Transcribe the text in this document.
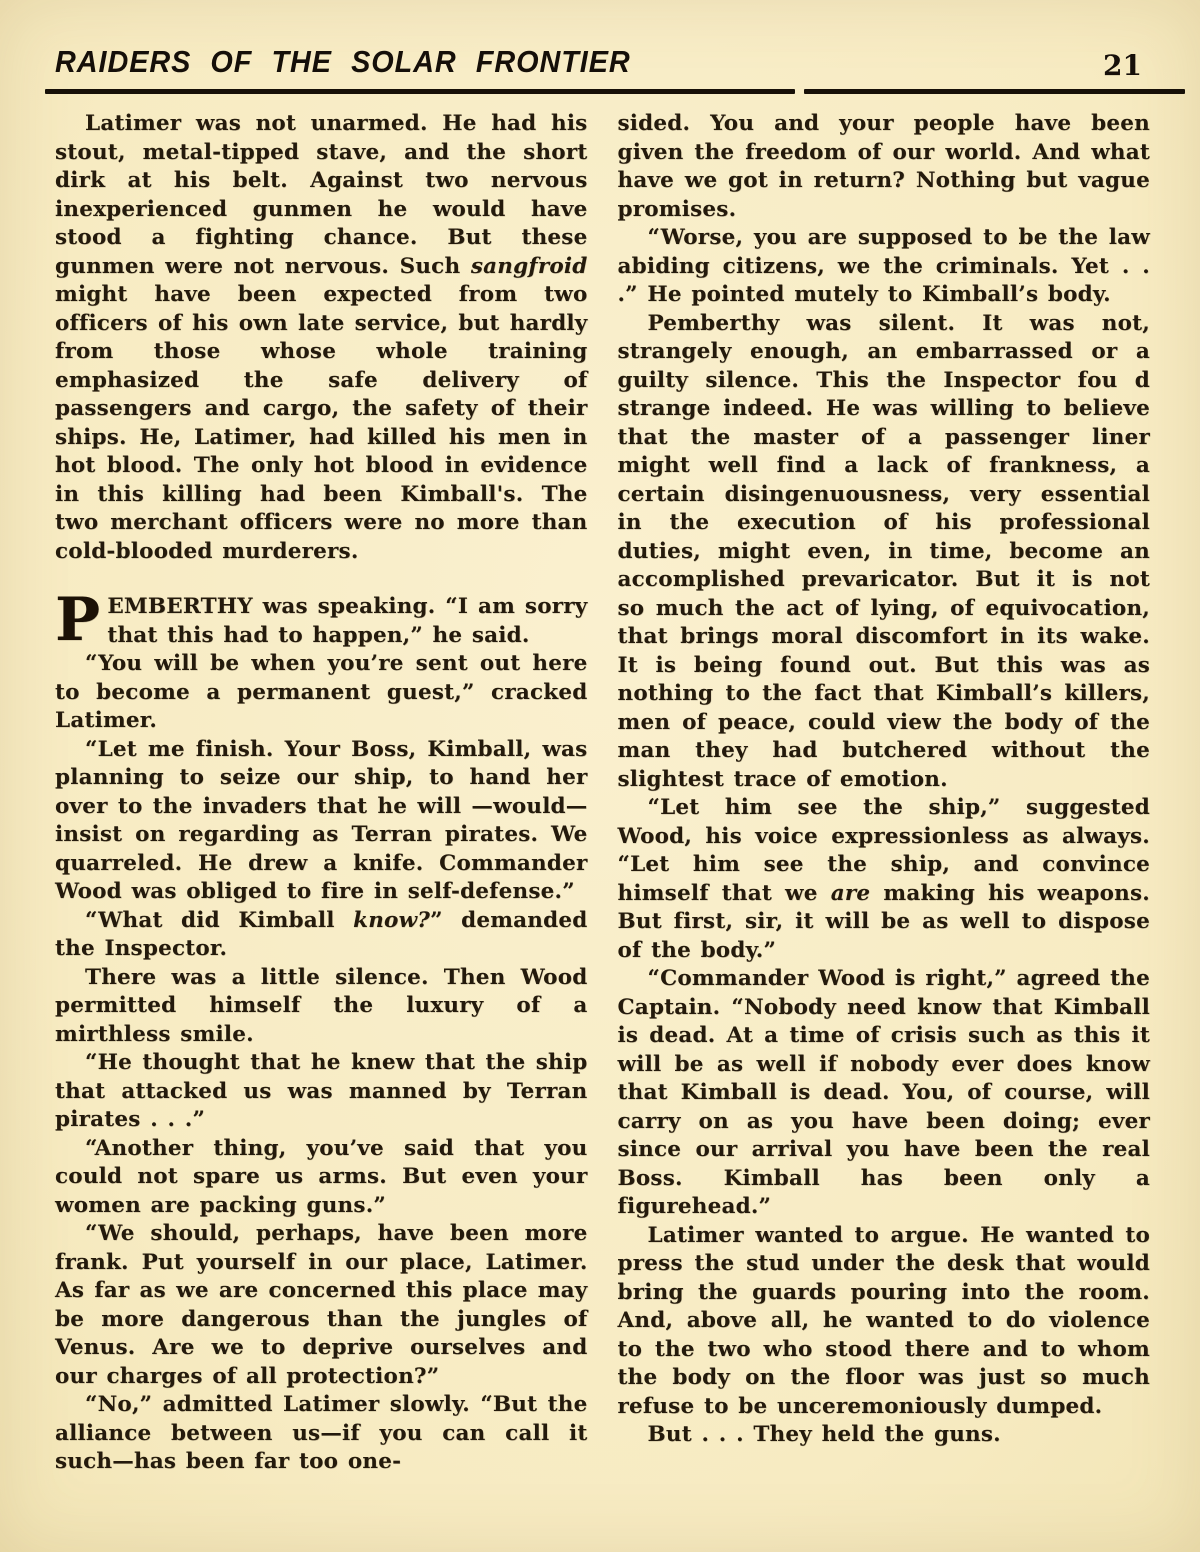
RAIDERS OF THE SOLAR FRONTIER	21

Latimer was not unarmed. He had his stout, metal-tipped stave, and the short dirk at his belt. Against two nervous inexperienced gunmen he would have stood a fighting chance. But these gunmen were not nervous. Such sangfroid might have been expected from two officers of his own late service, but hardly from those whose whole training emphasized the safe delivery of passengers and cargo, the safety of their ships. He, Latimer, had killed his men in hot blood. The only hot blood in evidence in this killing had been Kimball's. The two merchant officers were no more than cold-blooded murderers.

PEMBERTHY was speaking. “I am sorry that this had to happen,” he said.

“You will be when you’re sent out here to become a permanent guest,” cracked Latimer.

“Let me finish. Your Boss, Kimball, was planning to seize our ship, to hand her over to the invaders that he will —would—insist on regarding as Terran pirates. We quarreled. He drew a knife. Commander Wood was obliged to fire in self-defense.”

“What did Kimball know?” demanded the Inspector.

There was a little silence. Then Wood permitted himself the luxury of a mirthless smile.

“He thought that he knew that the ship that attacked us was manned by Terran pirates . . .”

“Another thing, you’ve said that you could not spare us arms. But even your women are packing guns.”

“We should, perhaps, have been more frank. Put yourself in our place, Latimer. As far as we are concerned this place may be more dangerous than the jungles of Venus. Are we to deprive ourselves and our charges of all protection?”

“No,” admitted Latimer slowly. “But the alliance between us—if you can call it such—has been far too one-

sided. You and your people have been given the freedom of our world. And what have we got in return? Nothing but vague promises.

“Worse, you are supposed to be the law abiding citizens, we the criminals. Yet . . .” He pointed mutely to Kimball’s body.

Pemberthy was silent. It was not, strangely enough, an embarrassed or a guilty silence. This the Inspector fou d strange indeed. He was willing to believe that the master of a passenger liner might well find a lack of frankness, a certain disingenuousness, very essential in the execution of his professional duties, might even, in time, become an accomplished prevaricator. But it is not so much the act of lying, of equivocation, that brings moral discomfort in its wake. It is being found out. But this was as nothing to the fact that Kimball’s killers, men of peace, could view the body of the man they had butchered without the slightest trace of emotion.

“Let him see the ship,” suggested Wood, his voice expressionless as always. “Let him see the ship, and convince himself that we are making his weapons. But first, sir, it will be as well to dispose of the body.”

“Commander Wood is right,” agreed the Captain. “Nobody need know that Kimball is dead. At a time of crisis such as this it will be as well if nobody ever does know that Kimball is dead. You, of course, will carry on as you have been doing; ever since our arrival you have been the real Boss. Kimball has been only a figurehead.”

Latimer wanted to argue. He wanted to press the stud under the desk that would bring the guards pouring into the room. And, above all, he wanted to do violence to the two who stood there and to whom the body on the floor was just so much refuse to be unceremoniously dumped.

But . . . They held the guns.
